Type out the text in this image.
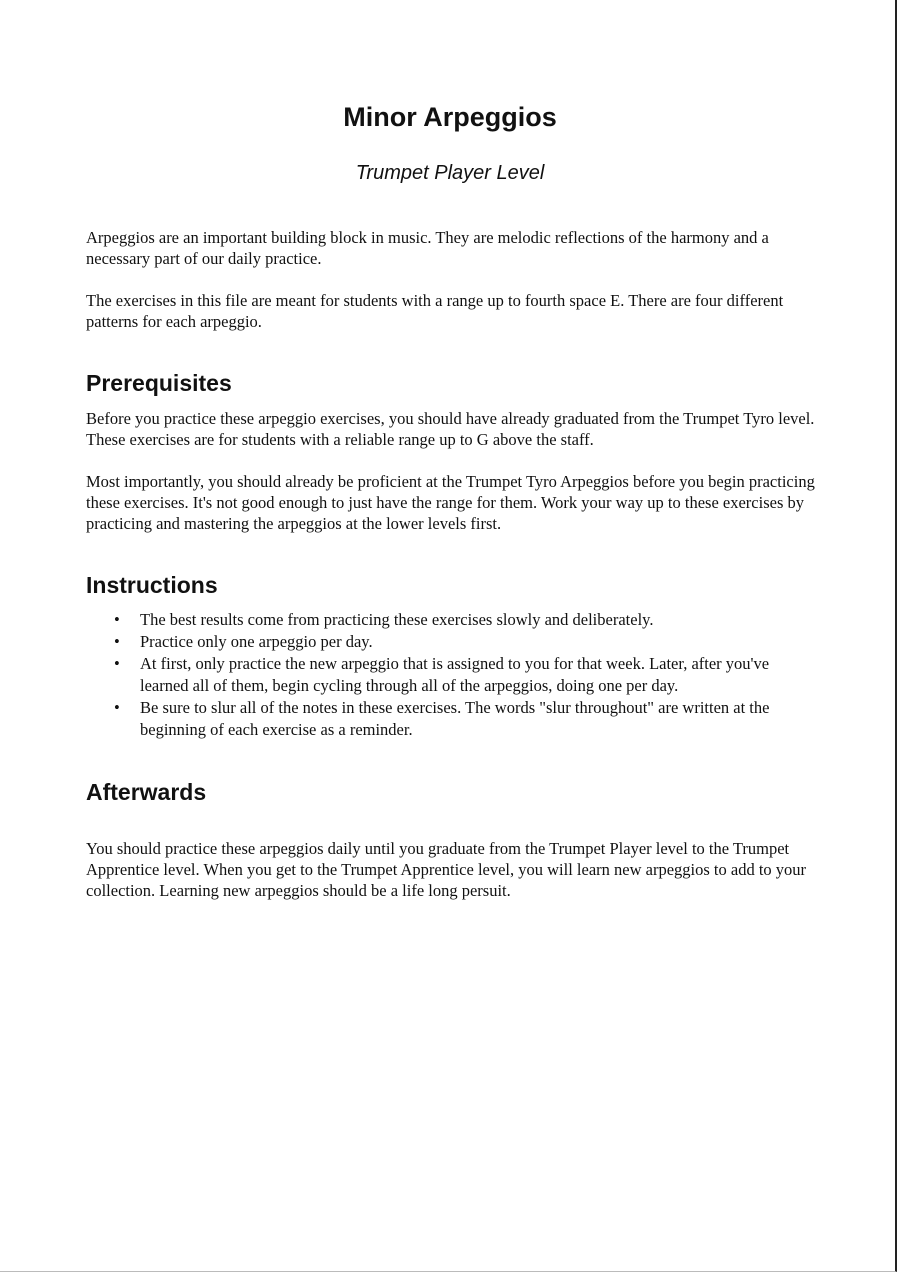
Minor Arpeggios
Trumpet Player Level

Arpeggios are an important building block in music. They are melodic reflections of the harmony and a necessary part of our daily practice.

The exercises in this file are meant for students with a range up to fourth space E. There are four different patterns for each arpeggio.

Prerequisites

Before you practice these arpeggio exercises, you should have already graduated from the Trumpet Tyro level. These exercises are for students with a reliable range up to G above the staff.

Most importantly, you should already be proficient at the Trumpet Tyro Arpeggios before you begin practicing these exercises. It's not good enough to just have the range for them. Work your way up to these exercises by practicing and mastering the arpeggios at the lower levels first.

Instructions
• The best results come from practicing these exercises slowly and deliberately.
• Practice only one arpeggio per day.
• At first, only practice the new arpeggio that is assigned to you for that week. Later, after you've learned all of them, begin cycling through all of the arpeggios, doing one per day.
• Be sure to slur all of the notes in these exercises. The words "slur throughout" are written at the beginning of each exercise as a reminder.
Afterwards

You should practice these arpeggios daily until you graduate from the Trumpet Player level to the Trumpet Apprentice level. When you get to the Trumpet Apprentice level, you will learn new arpeggios to add to your collection. Learning new arpeggios should be a life long persuit.
